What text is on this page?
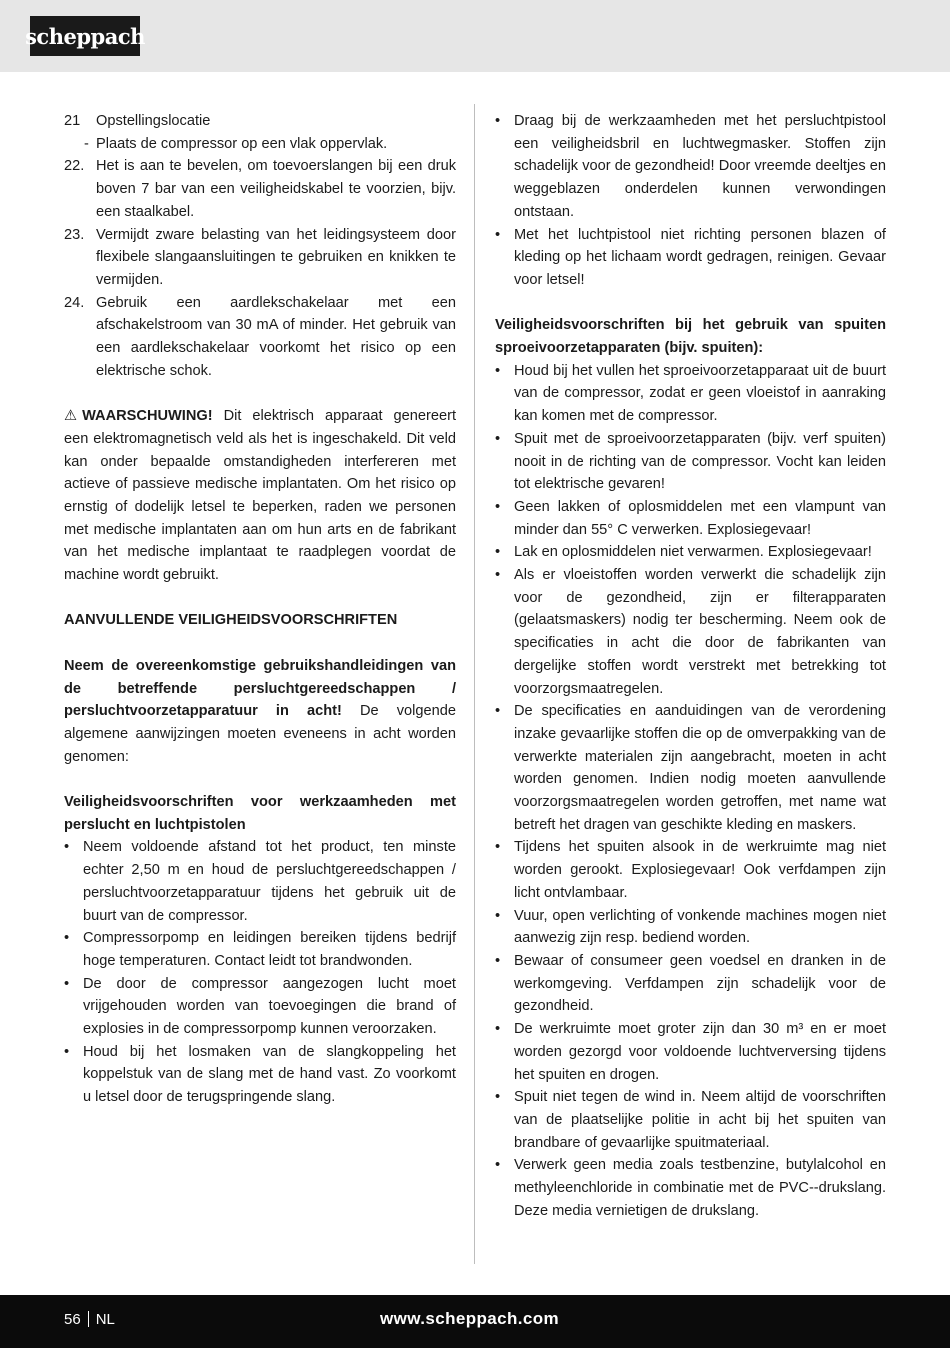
scheppach
21	Opstellingslocatie
- Plaats de compressor op een vlak oppervlak.
22. Het is aan te bevelen, om toevoerslangen bij een druk boven 7 bar van een veiligheidskabel te voorzien, bijv. een staalkabel.
23. Vermijdt zware belasting van het leidingsysteem door flexibele slangaansluitingen te gebruiken en knikken te vermijden.
24. Gebruik een aardlekschakelaar met een afschakelstroom van 30 mA of minder. Het gebruik van een aardlekschakelaar voorkomt het risico op een elektrische schok.

⚠ WAARSCHUWING! Dit elektrisch apparaat genereert een elektromagnetisch veld als het is ingeschakeld. Dit veld kan onder bepaalde omstandigheden interfereren met actieve of passieve medische implantaten. Om het risico op ernstig of dodelijk letsel te beperken, raden we personen met medische implantaten aan om hun arts en de fabrikant van het medische implantaat te raadplegen voordat de machine wordt gebruikt.

AANVULLENDE VEILIGHEIDSVOORSCHRIFTEN

Neem de overeenkomstige gebruikshandleidingen van de betreffende persluchtgereedschappen / persluchtvoorzetapparatuur in acht! De volgende algemene aanwijzingen moeten eveneens in acht worden genomen:

Veiligheidsvoorschriften voor werkzaamheden met perslucht en luchtpistolen

• Neem voldoende afstand tot het product, ten minste echter 2,50 m en houd de persluchtgereedschappen / persluchtvoorzetapparatuur tijdens het gebruik uit de buurt van de compressor.
• Compressorpomp en leidingen bereiken tijdens bedrijf hoge temperaturen. Contact leidt tot brandwonden.
• De door de compressor aangezogen lucht moet vrijgehouden worden van toevoegingen die brand of explosies in de compressorpomp kunnen veroorzaken.
• Houd bij het losmaken van de slangkoppeling het koppelstuk van de slang met de hand vast. Zo voorkomt u letsel door de terugspringende slang.
• Draag bij de werkzaamheden met het persluchtpistool een veiligheidsbril en luchtwegmasker. Stoffen zijn schadelijk voor de gezondheid! Door vreemde deeltjes en weggeblazen onderdelen kunnen verwondingen ontstaan.
• Met het luchtpistool niet richting personen blazen of kleding op het lichaam wordt gedragen, reinigen. Gevaar voor letsel!

Veiligheidsvoorschriften bij het gebruik van spuiten sproeivoorzetapparaten (bijv. spuiten):

• Houd bij het vullen het sproeivoorzetapparaat uit de buurt van de compressor, zodat er geen vloeistof in aanraking kan komen met de compressor.
• Spuit met de sproeivoorzetapparaten (bijv. verf spuiten) nooit in de richting van de compressor. Vocht kan leiden tot elektrische gevaren!
• Geen lakken of oplosmiddelen met een vlampunt van minder dan 55° C verwerken. Explosiegevaar!
• Lak en oplosmiddelen niet verwarmen. Explosiegevaar!
• Als er vloeistoffen worden verwerkt die schadelijk zijn voor de gezondheid, zijn er filterapparaten (gelaatsmaskers) nodig ter bescherming. Neem ook de specificaties in acht die door de fabrikanten van dergelijke stoffen wordt verstrekt met betrekking tot voorzorgsmaatregelen.
• De specificaties en aanduidingen van de verordening inzake gevaarlijke stoffen die op de omverpakking van de verwerkte materialen zijn aangebracht, moeten in acht worden genomen. Indien nodig moeten aanvullende voorzorgsmaatregelen worden getroffen, met name wat betreft het dragen van geschikte kleding en maskers.
• Tijdens het spuiten alsook in de werkruimte mag niet worden gerookt. Explosiegevaar! Ook verfdampen zijn licht ontvlambaar.
• Vuur, open verlichting of vonkende machines mogen niet aanwezig zijn resp. bediend worden.
• Bewaar of consumeer geen voedsel en dranken in de werkomgeving. Verfdampen zijn schadelijk voor de gezondheid.
• De werkruimte moet groter zijn dan 30 m³ en er moet worden gezorgd voor voldoende luchtverversing tijdens het spuiten en drogen.
• Spuit niet tegen de wind in. Neem altijd de voorschriften van de plaatselijke politie in acht bij het spuiten van brandbare of gevaarlijke spuitmateriaal.
• Verwerk geen media zoals testbenzine, butylalcohol en methyleenchloride in combinatie met de PVC--drukslang. Deze media vernietigen de drukslang.
56 NL	www.scheppach.com
